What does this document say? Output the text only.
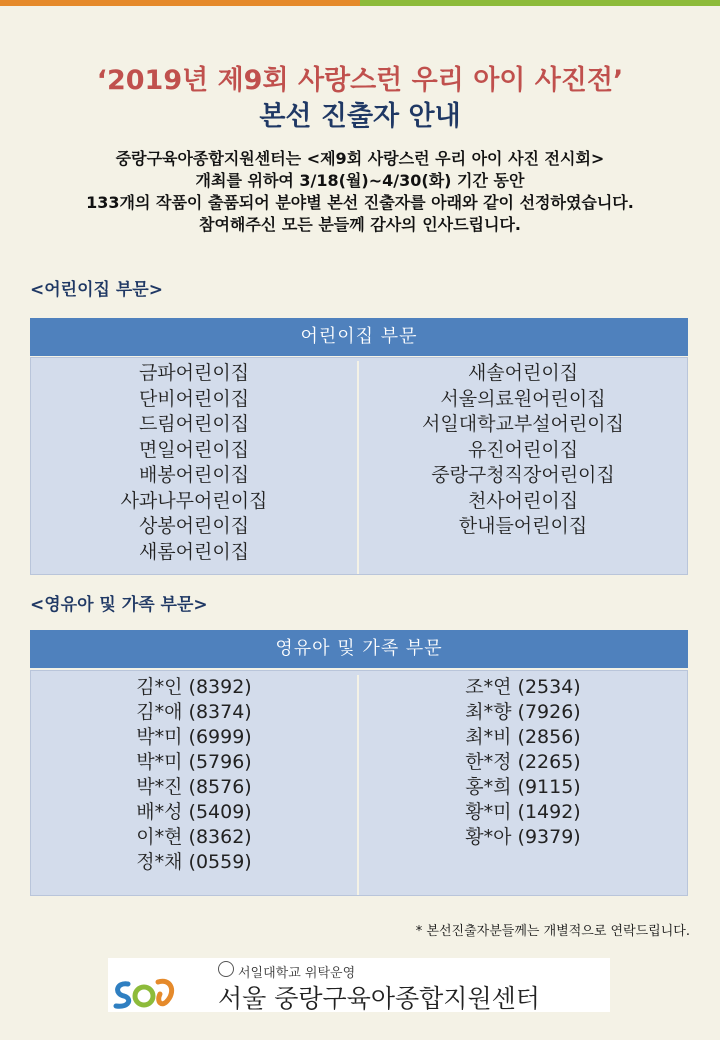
‘2019년 제9회 사랑스런 우리 아이 사진전’
본선 진출자 안내
중랑구육아종합지원센터는 <제9회 사랑스런 우리 아이 사진 전시회>
개최를 위하여 3/18(월)~4/30(화) 기간 동안
133개의 작품이 출품되어 분야별 본선 진출자를 아래와 같이 선정하였습니다.
참여해주신 모든 분들께 감사의 인사드립니다.
<어린이집 부문>
어린이집 부문
금파어린이집
단비어린이집
드림어린이집
면일어린이집
배봉어린이집
사과나무어린이집
상봉어린이집
새롬어린이집
새솔어린이집
서울의료원어린이집
서일대학교부설어린이집
유진어린이집
중랑구청직장어린이집
천사어린이집
한내들어린이집
<영유아 및 가족 부문>
영유아 및 가족 부문
김*인 (8392)
김*애 (8374)
박*미 (6999)
박*미 (5796)
박*진 (8576)
배*성 (5409)
이*현 (8362)
정*채 (0559)
조*연 (2534)
최*향 (7926)
최*비 (2856)
한*정 (2265)
홍*희 (9115)
황*미 (1492)
황*아 (9379)
* 본선진출자분들께는 개별적으로 연락드립니다.
서일대학교 위탁운영
서울 중랑구육아종합지원센터
